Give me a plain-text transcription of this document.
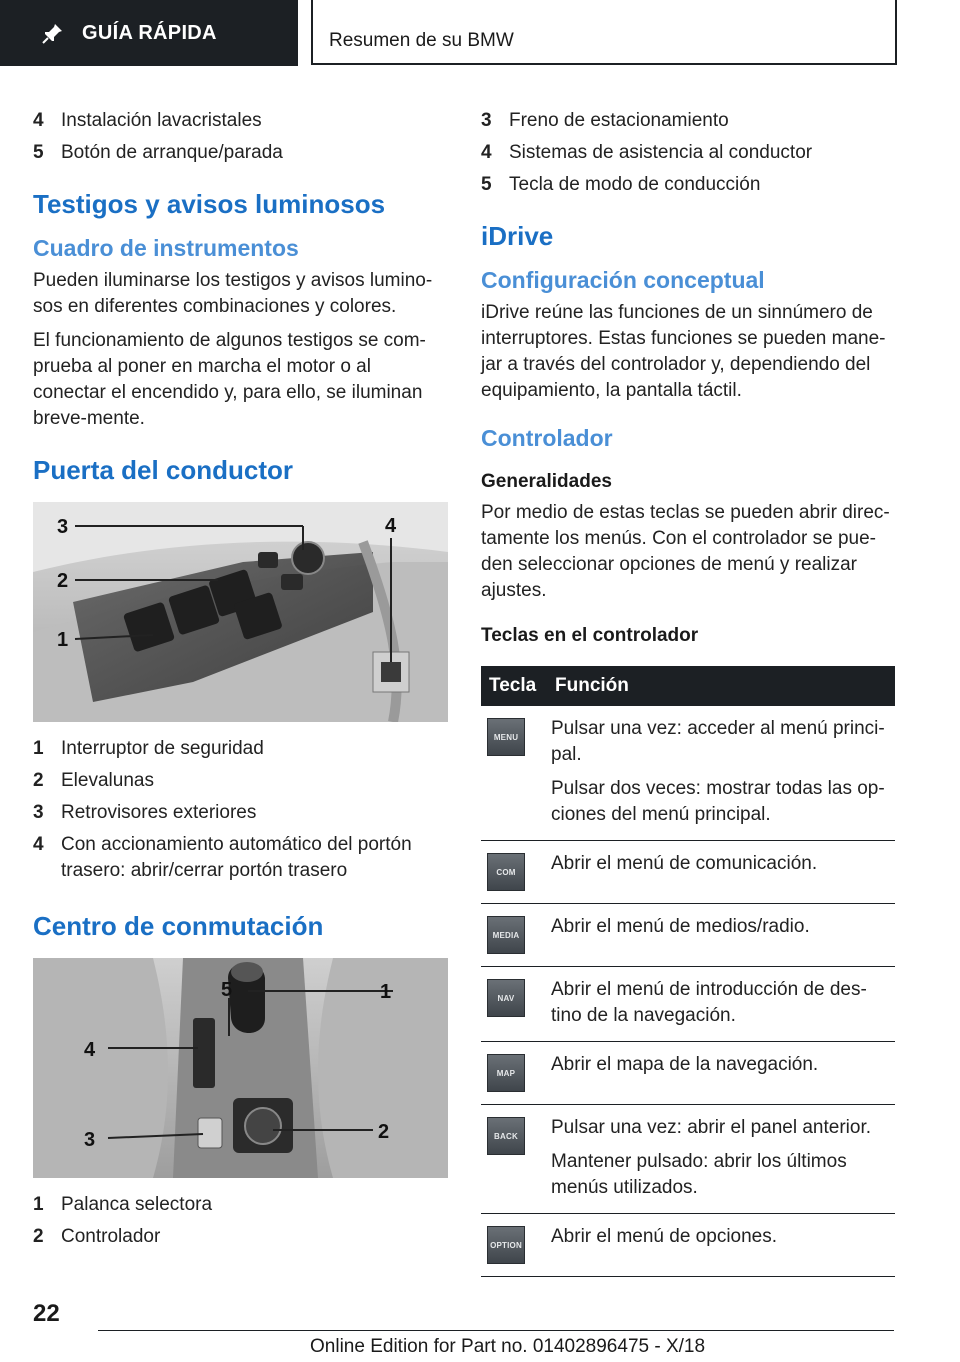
GUÍA RÁPIDA	Resumen de su BMW
4 Instalación lavacristales
5 Botón de arranque/parada
Testigos y avisos luminosos
Cuadro de instrumentos

Pueden iluminarse los testigos y avisos lumino-sos en diferentes combinaciones y colores.

El funcionamiento de algunos testigos se com-prueba al poner en marcha el motor o al conectar el encendido y, para ello, se iluminan breve-mente.

Puerta del conductor
3
2
1
4
1 Interruptor de seguridad
2 Elevalunas
3 Retrovisores exteriores
4 Con accionamiento automático del portón trasero: abrir/cerrar portón trasero
Centro de conmutación
5	1
4
3	2
1 Palanca selectora
2 Controlador
3 Freno de estacionamiento
4 Sistemas de asistencia al conductor
5 Tecla de modo de conducción
iDrive
Configuración conceptual

iDrive reúne las funciones de un sinnúmero de interruptores. Estas funciones se pueden mane-jar a través del controlador y, dependiendo del equipamiento, la pantalla táctil.

Controlador
Generalidades

Por medio de estas teclas se pueden abrir direc-tamente los menús. Con el controlador se pue-den seleccionar opciones de menú y realizar ajustes.

Teclas en el controlador
Tecla	Función

MENU	Pulsar una vez: acceder al menú princi-pal.

Pulsar dos veces: mostrar todas las op-ciones del menú principal.

COM	Abrir el menú de comunicación.

MEDIA	Abrir el menú de medios/radio.

NAV	Abrir el menú de introducción de des-tino de la navegación.

MAP	Abrir el mapa de la navegación.

BACK	Pulsar una vez: abrir el panel anterior.

Mantener pulsado: abrir los últimos menús utilizados.

OPTION	Abrir el menú de opciones.

22
Online Edition for Part no. 01402896475 - X/18
